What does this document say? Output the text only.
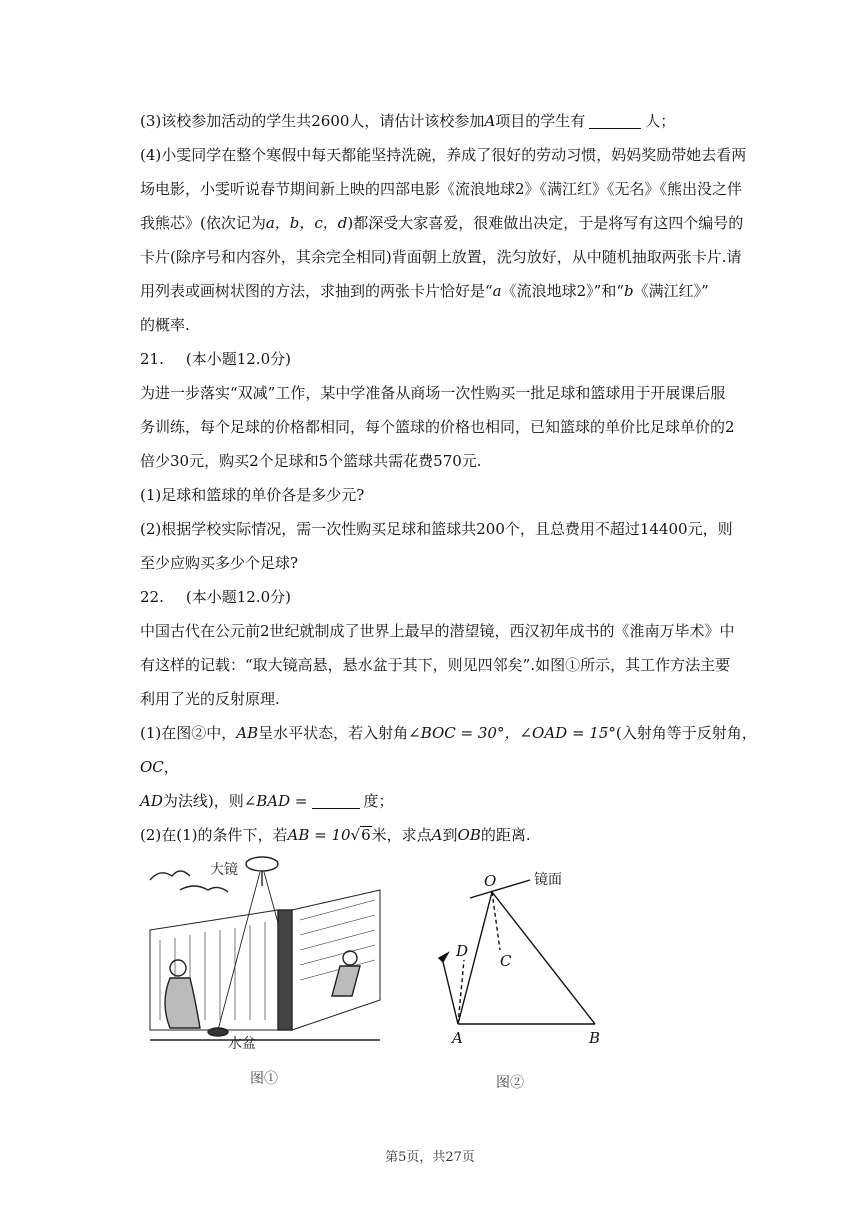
(3)该校参加活动的学生共2600人，请估计该校参加A项目的学生有	人；

(4)小雯同学在整个寒假中每天都能坚持洗碗，养成了很好的劳动习惯，妈妈奖励带她去看两
场电影，小雯听说春节期间新上映的四部电影《流浪地球2》《满江红》《无名》《熊出没之伴
我熊芯》(依次记为a，b，c，d)都深受大家喜爱，很难做出决定，于是将写有这四个编号的
卡片(除序号和内容外，其余完全相同)背面朝上放置，洗匀放好，从中随机抽取两张卡片.请
用列表或画树状图的方法，求抽到的两张卡片恰好是“a《流浪地球2》”和“b《满江红》”
的概率.

21. (本小题12.0分)

为进一步落实“双减”工作，某中学准备从商场一次性购买一批足球和篮球用于开展课后服
务训练，每个足球的价格都相同，每个篮球的价格也相同，已知篮球的单价比足球单价的2
倍少30元，购买2个足球和5个篮球共需花费570元.

(1)足球和篮球的单价各是多少元?

(2)根据学校实际情况，需一次性购买足球和篮球共200个，且总费用不超过14400元，则
至少应购买多少个足球?

22. (本小题12.0分)

中国古代在公元前2世纪就制成了世界上最早的潜望镜，西汉初年成书的《淮南万毕术》中
有这样的记载：“取大镜高悬，悬水盆于其下，则见四邻矣”.如图①所示，其工作方法主要
利用了光的反射原理.

(1)在图②中，AB呈水平状态，若入射角∠BOC = 30°，∠OAD = 15°(入射角等于反射角，OC，
AD为法线)，则∠BAD =	度；

(2)在(1)的条件下，若AB = 10√6米，求点A到OB的距离.

大镜
水盆
图①
O
D
C
A	B
镜面
图②
第5页，共27页
